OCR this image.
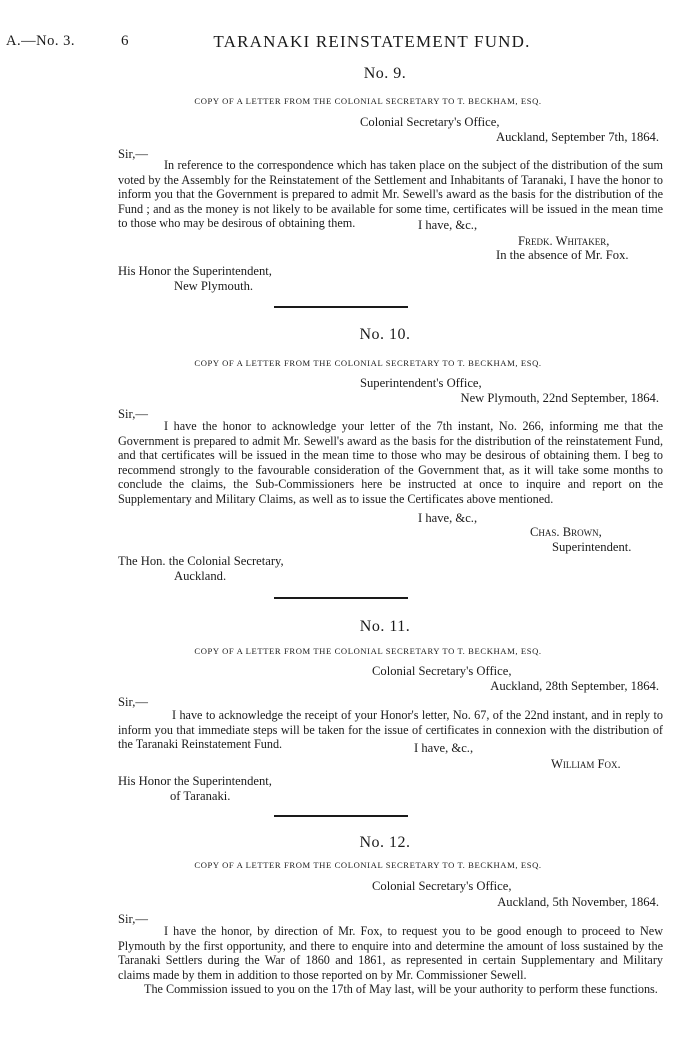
A.—No. 3.	6	TARANAKI REINSTATEMENT FUND.
No. 9.
COPY OF A LETTER FROM THE COLONIAL SECRETARY TO T. BECKHAM, ESQ.
Colonial Secretary's Office,
Auckland, September 7th, 1864.
Sir,—

In reference to the correspondence which has taken place on the subject of the distribution of the sum voted by the Assembly for the Reinstatement of the Settlement and Inhabitants of Taranaki, I have the honor to inform you that the Government is prepared to admit Mr. Sewell's award as the basis for the distribution of the Fund ; and as the money is not likely to be available for some time, certificates will be issued in the mean time to those who may be desirous of obtaining them.	I have, &c.,
Fredk. Whitaker,
In the absence of Mr. Fox.
His Honor the Superintendent,
New Plymouth.
No. 10.
COPY OF A LETTER FROM THE COLONIAL SECRETARY TO T. BECKHAM, ESQ.
Superintendent's Office,
New Plymouth, 22nd September, 1864.
Sir,—

I have the honor to acknowledge your letter of the 7th instant, No. 266, informing me that the Government is prepared to admit Mr. Sewell's award as the basis for the distribution of the reinstatement Fund, and that certificates will be issued in the mean time to those who may be desirous of obtaining them. I beg to recommend strongly to the favourable consideration of the Government that, as it will take some months to conclude the claims, the Sub-Commissioners here be instructed at once to inquire and report on the Supplementary and Military Claims, as well as to issue the Certificates above mentioned.

I have, &c.,
Chas. Brown,
Superintendent.
The Hon. the Colonial Secretary,
Auckland.
No. 11.
COPY OF A LETTER FROM THE COLONIAL SECRETARY TO T. BECKHAM, ESQ.
Colonial Secretary's Office,
Auckland, 28th September, 1864.
Sir,—

I have to acknowledge the receipt of your Honor's letter, No. 67, of the 22nd instant, and in reply to inform you that immediate steps will be taken for the issue of certificates in connexion with the distribution of the Taranaki Reinstatement Fund.	I have, &c.,
William Fox.
His Honor the Superintendent,
of Taranaki.
No. 12.
COPY OF A LETTER FROM THE COLONIAL SECRETARY TO T. BECKHAM, ESQ.
Colonial Secretary's Office,
Auckland, 5th November, 1864.
Sir,—

I have the honor, by direction of Mr. Fox, to request you to be good enough to proceed to New Plymouth by the first opportunity, and there to enquire into and determine the amount of loss sustained by the Taranaki Settlers during the War of 1860 and 1861, as represented in certain Supplementary and Military claims made by them in addition to those reported on by Mr. Commissioner Sewell.

The Commission issued to you on the 17th of May last, will be your authority to perform these functions.
